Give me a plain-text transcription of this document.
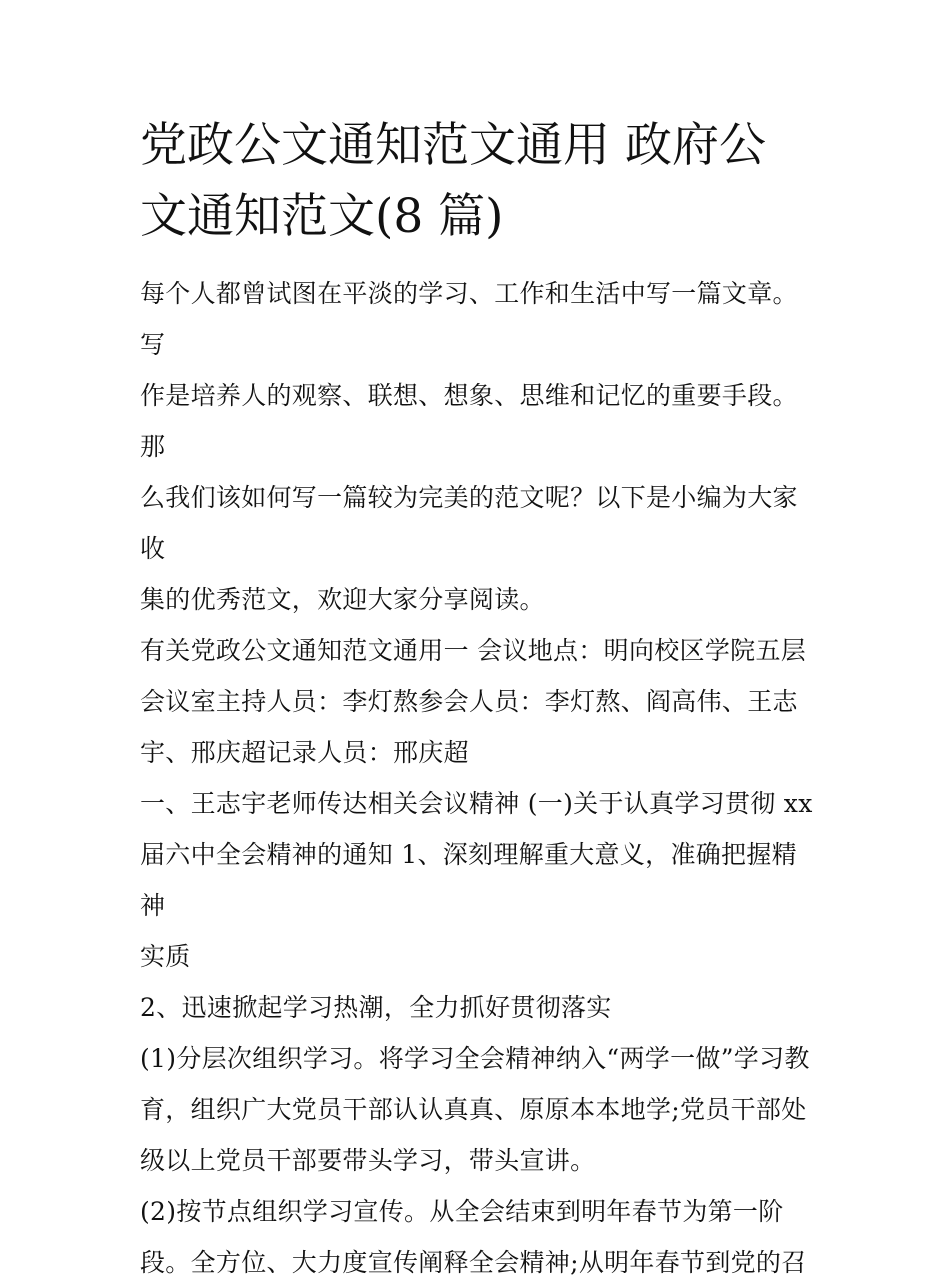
党政公文通知范文通用 政府公
文通知范文(8 篇)

每个人都曾试图在平淡的学习、工作和生活中写一篇文章。写

作是培养人的观察、联想、想象、思维和记忆的重要手段。那

么我们该如何写一篇较为完美的范文呢？以下是小编为大家收

集的优秀范文，欢迎大家分享阅读。

有关党政公文通知范文通用一 会议地点：明向校区学院五层

会议室主持人员：李灯熬参会人员：李灯熬、阎高伟、王志

宇、邢庆超记录人员：邢庆超

一、王志宇老师传达相关会议精神 (一)关于认真学习贯彻 xx

届六中全会精神的通知 1、深刻理解重大意义，准确把握精神

实质

2、迅速掀起学习热潮，全力抓好贯彻落实

(1)分层次组织学习。将学习全会精神纳入“两学一做”学习教

育，组织广大党员干部认认真真、原原本本地学;党员干部处

级以上党员干部要带头学习，带头宣讲。

(2)按节点组织学习宣传。从全会结束到明年春节为第一阶

段。全方位、大力度宣传阐释全会精神;从明年春节到党的召
